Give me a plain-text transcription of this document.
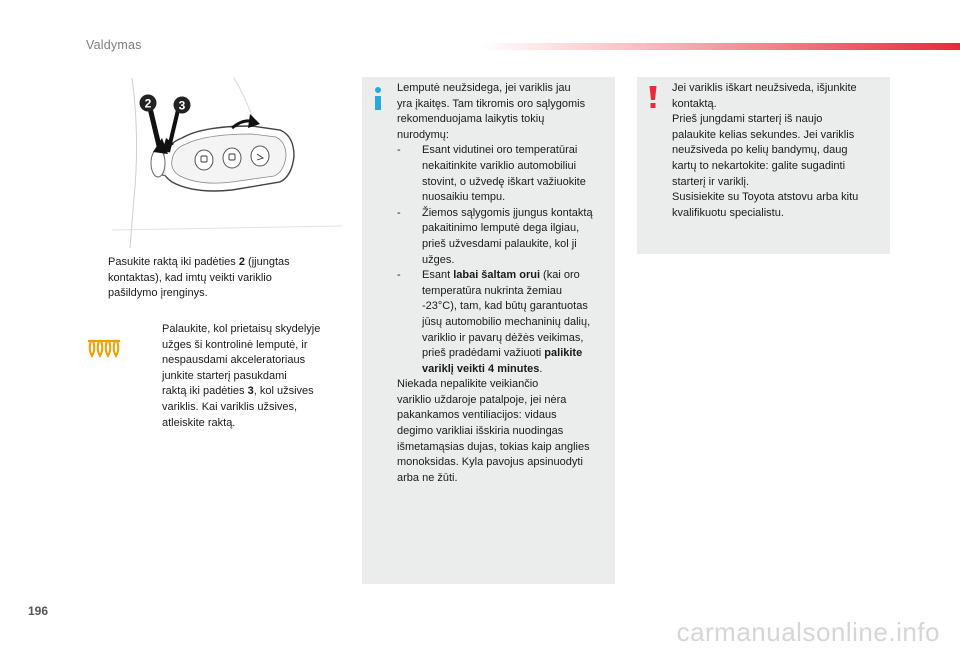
Valdymas
2 3
Pasukite raktą iki padėties 2 (įjungtas
kontaktas), kad imtų veikti variklio
pašildymo įrenginys.
Palaukite, kol prietaisų skydelyje
užges ši kontrolinė lemputė, ir
nespausdami akceleratoriaus
junkite starterį pasukdami
raktą iki padėties 3, kol užsives
variklis. Kai variklis užsives,
atleiskite raktą.
Lemputė neužsidega, jei variklis jau
yra įkaitęs. Tam tikromis oro sąlygomis
rekomenduojama laikytis tokių
nurodymų:
- Esant vidutinei oro temperatūrai
nekaitinkite variklio automobiliui
stovint, o užvedę iškart važiuokite
nuosaikiu tempu.
- Žiemos sąlygomis įjungus kontaktą
pakaitinimo lemputė dega ilgiau,
prieš užvesdami palaukite, kol ji
užges.
- Esant labai šaltam orui (kai oro
temperatūra nukrinta žemiau
-23°C), tam, kad būtų garantuotas
jūsų automobilio mechaninių dalių,
variklio ir pavarų dėžės veikimas,
prieš pradėdami važiuoti palikite
variklį veikti 4 minutes.
Niekada nepalikite veikiančio
variklio uždaroje patalpoje, jei nėra
pakankamos ventiliacijos: vidaus
degimo varikliai išskiria nuodingas
išmetamąsias dujas, tokias kaip anglies
monoksidas. Kyla pavojus apsinuodyti
arba ne žūti.
Jei variklis iškart neužsiveda, išjunkite
kontaktą.
Prieš jungdami starterį iš naujo
palaukite kelias sekundes. Jei variklis
neužsiveda po kelių bandymų, daug
kartų to nekartokite: galite sugadinti
starterį ir variklį.
Susisiekite su Toyota atstovu arba kitu
kvalifikuotu specialistu.
196
carmanualsonline.info
